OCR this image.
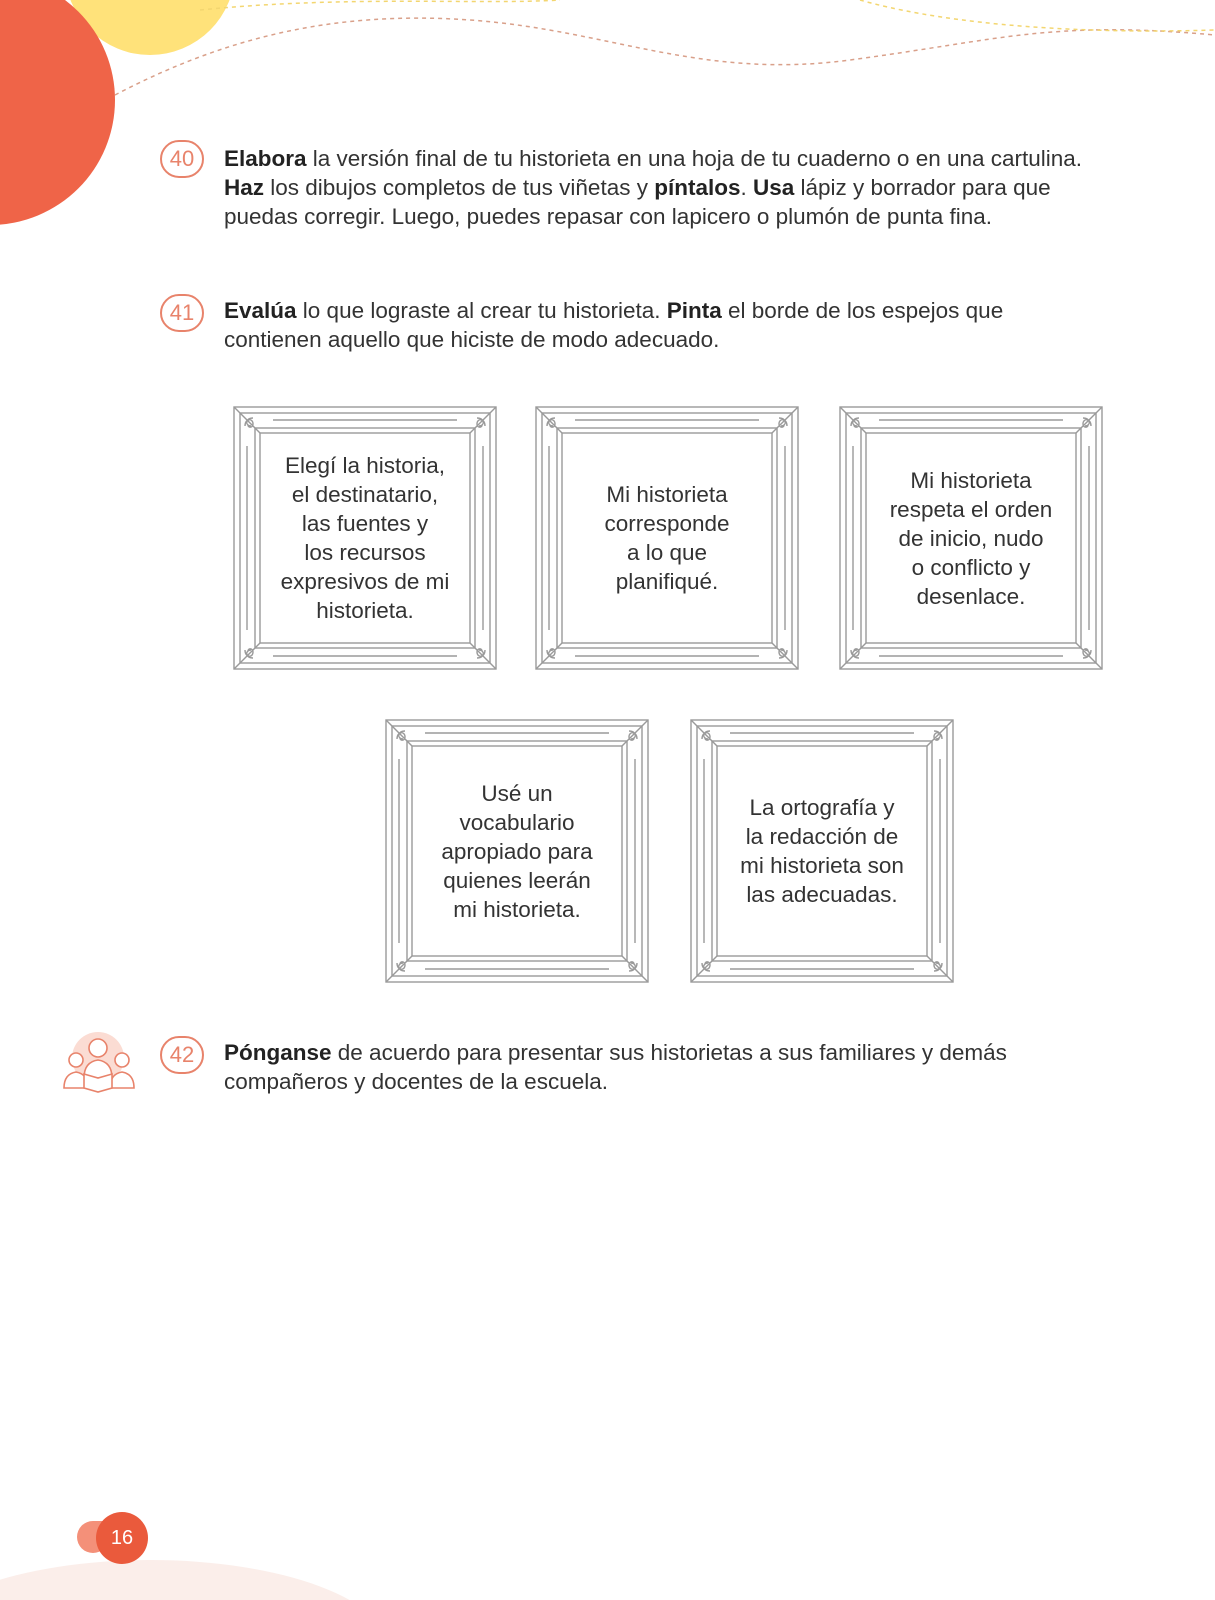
40	Elabora la versión final de tu historieta en una hoja de tu cuaderno o en una cartulina. Haz los dibujos completos de tus viñetas y píntalos. Usa lápiz y borrador para que puedas corregir. Luego, puedes repasar con lapicero o plumón de punta fina.
41	Evalúa lo que lograste al crear tu historieta. Pinta el borde de los espejos que contienen aquello que hiciste de modo adecuado.
Elegí la historia,
el destinatario,
las fuentes y
los recursos
expresivos de mi
historieta.
Mi historieta
corresponde
a lo que
planifiqué.
Mi historieta
respeta el orden
de inicio, nudo
o conflicto y
desenlace.
Usé un
vocabulario
apropiado para
quienes leerán
mi historieta.
La ortografía y
la redacción de
mi historieta son
las adecuadas.
42	Pónganse de acuerdo para presentar sus historietas a sus familiares y demás compañeros y docentes de la escuela.
16
